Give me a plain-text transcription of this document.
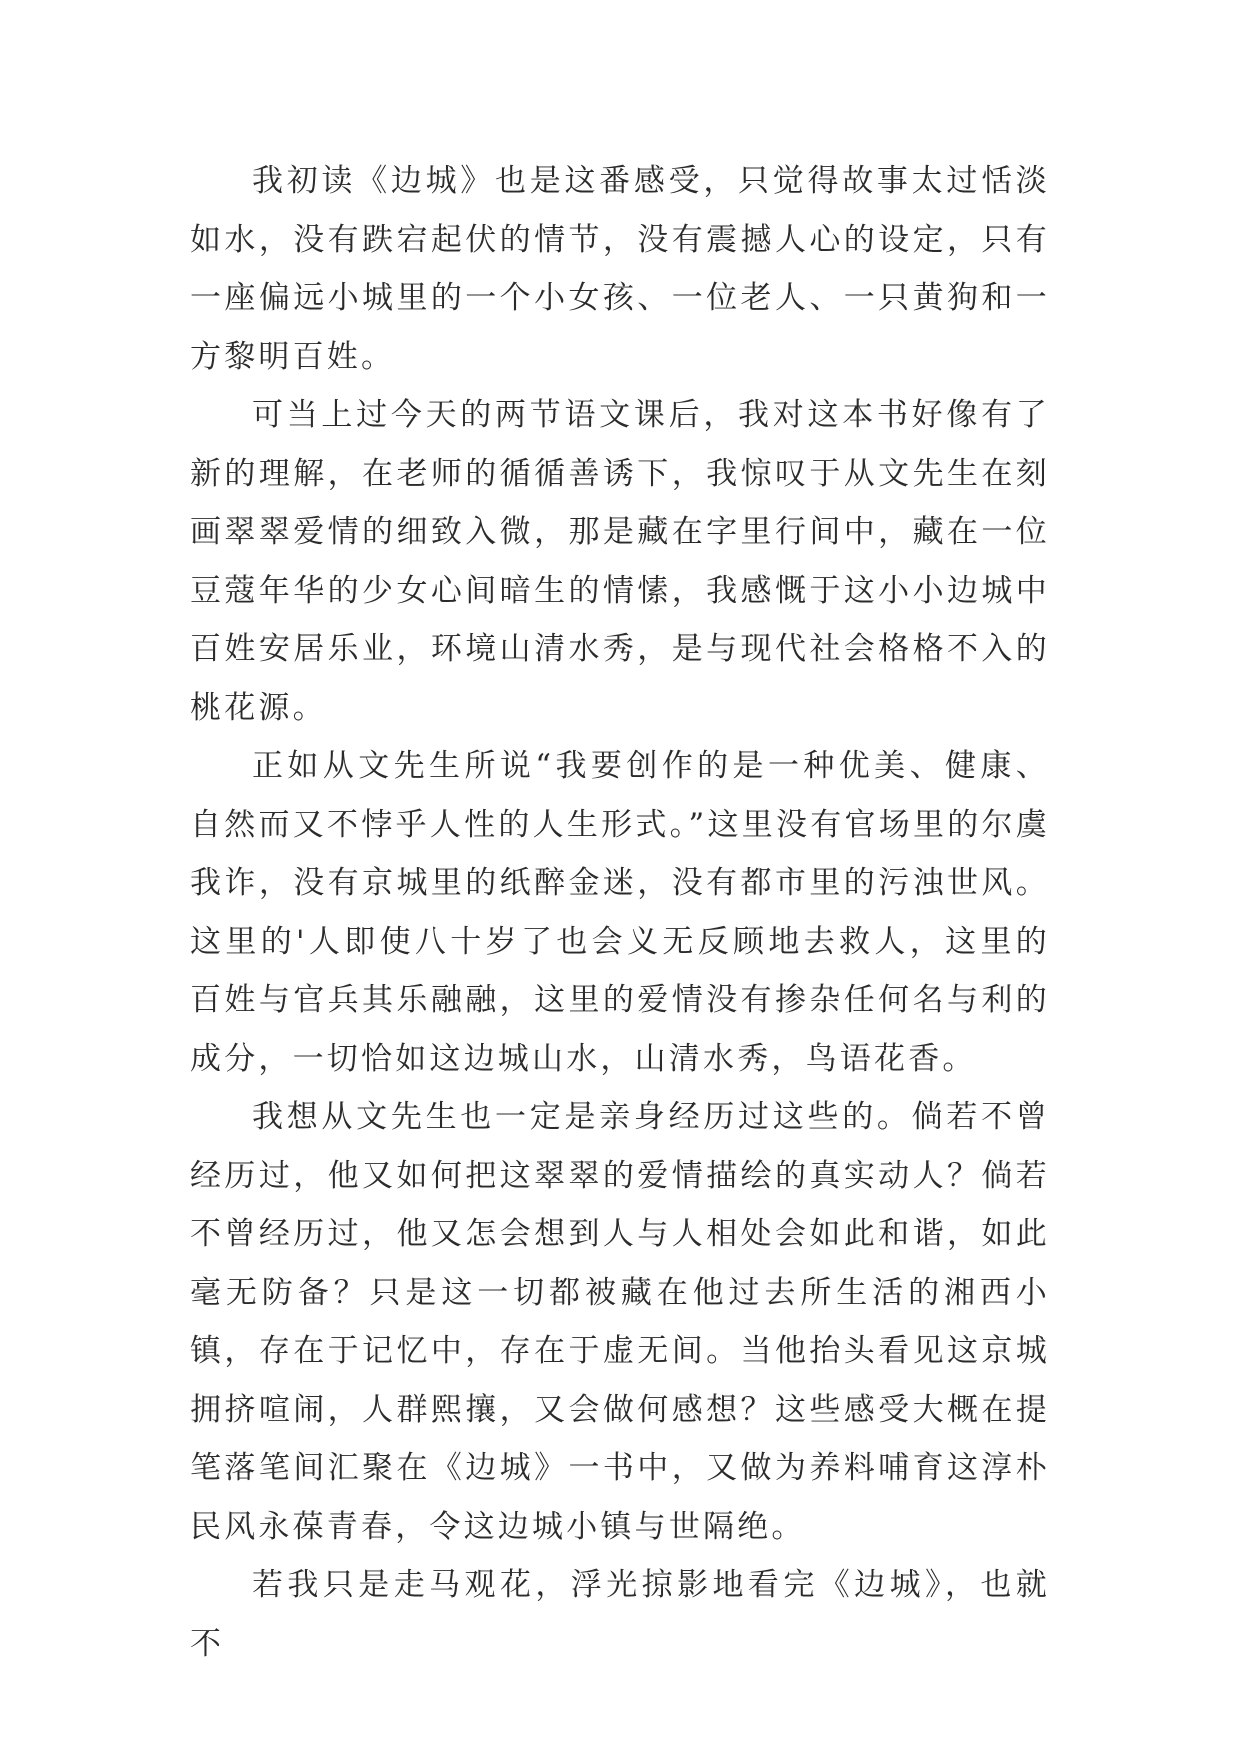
我初读《边城》也是这番感受，只觉得故事太过恬淡如水，没有跌宕起伏的情节，没有震撼人心的设定，只有一座偏远小城里的一个小女孩、一位老人、一只黄狗和一方黎明百姓。

可当上过今天的两节语文课后，我对这本书好像有了新的理解，在老师的循循善诱下，我惊叹于从文先生在刻画翠翠爱情的细致入微，那是藏在字里行间中，藏在一位豆蔻年华的少女心间暗生的情愫，我感慨于这小小边城中百姓安居乐业，环境山清水秀，是与现代社会格格不入的桃花源。

正如从文先生所说“我要创作的是一种优美、健康、自然而又不悖乎人性的人生形式。”这里没有官场里的尔虞我诈，没有京城里的纸醉金迷，没有都市里的污浊世风。这里的'人即使八十岁了也会义无反顾地去救人，这里的百姓与官兵其乐融融，这里的爱情没有掺杂任何名与利的成分，一切恰如这边城山水，山清水秀，鸟语花香。

我想从文先生也一定是亲身经历过这些的。倘若不曾经历过，他又如何把这翠翠的爱情描绘的真实动人？倘若不曾经历过，他又怎会想到人与人相处会如此和谐，如此毫无防备？只是这一切都被藏在他过去所生活的湘西小镇，存在于记忆中，存在于虚无间。当他抬头看见这京城拥挤喧闹，人群熙攘，又会做何感想？这些感受大概在提笔落笔间汇聚在《边城》一书中，又做为养料哺育这淳朴民风永葆青春，令这边城小镇与世隔绝。

若我只是走马观花，浮光掠影地看完《边城》，也就不
